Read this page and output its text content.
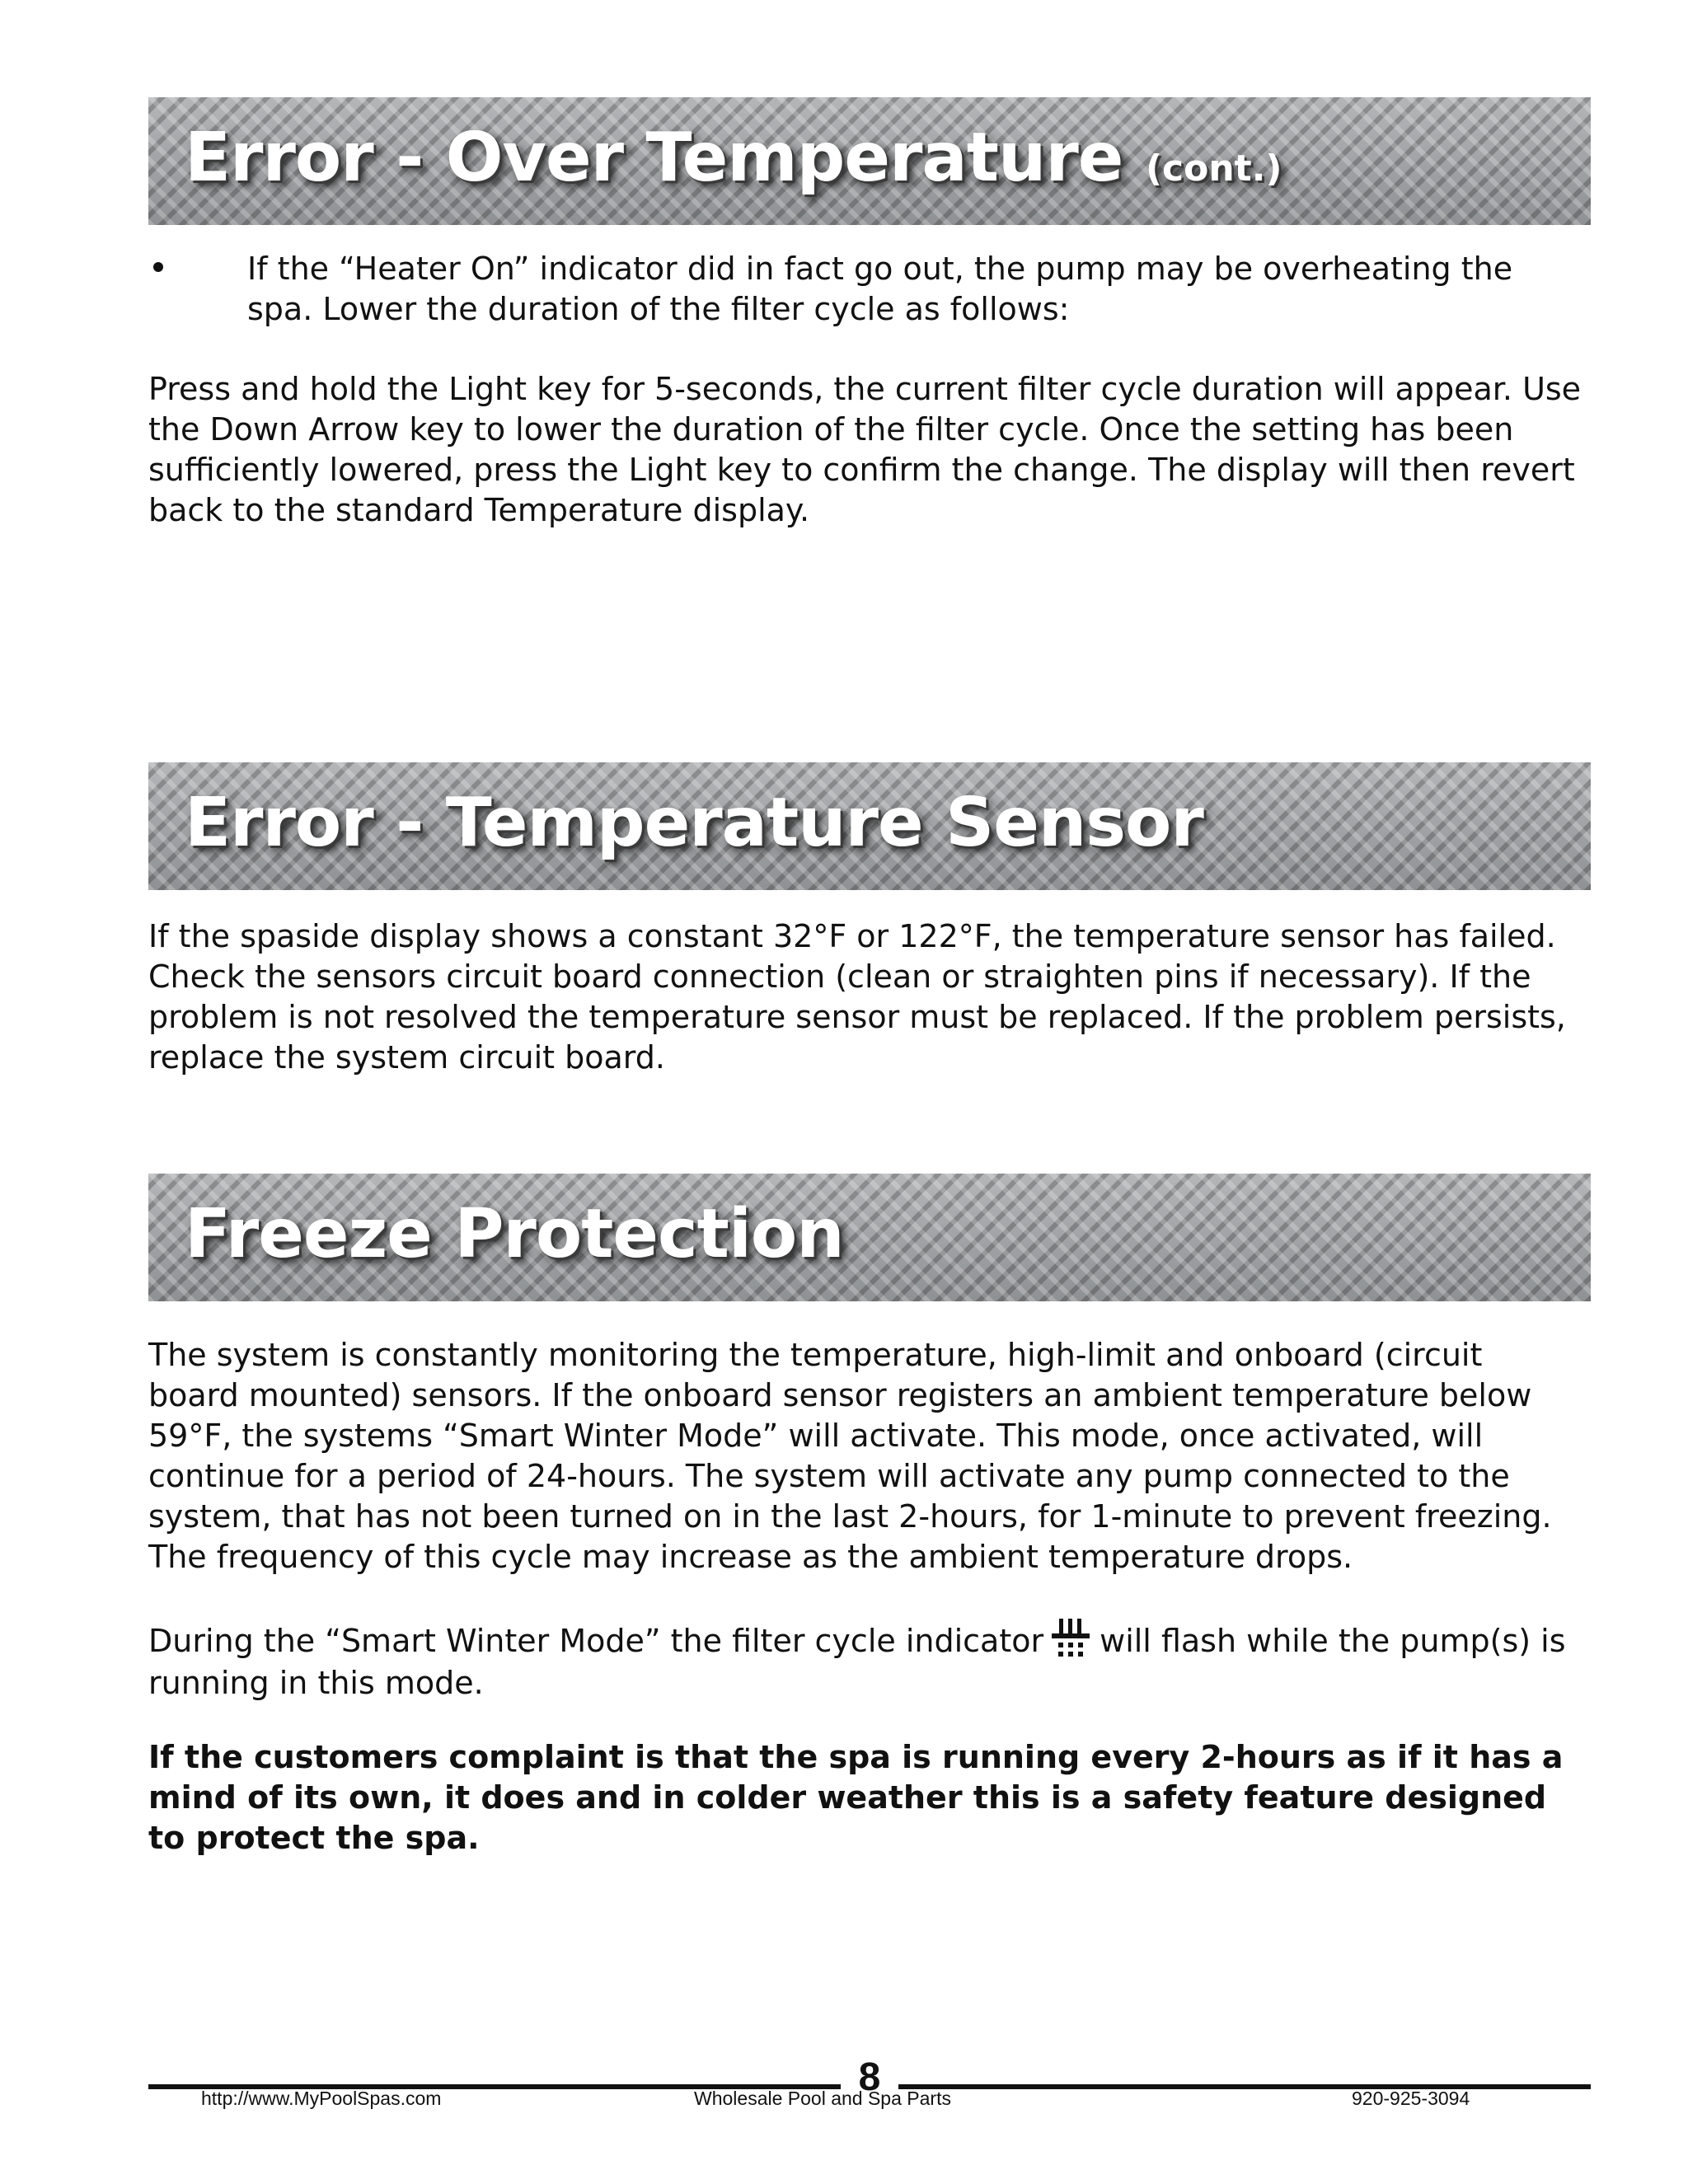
Error - Over Temperature (cont.)

If the “Heater On” indicator did in fact go out, the pump may be overheating the spa. Lower the duration of the filter cycle as follows:

Press and hold the Light key for 5-seconds, the current filter cycle duration will appear. Use the Down Arrow key to lower the duration of the filter cycle. Once the setting has been sufficiently lowered, press the Light key to confirm the change. The display will then revert back to the standard Temperature display.

Error - Temperature Sensor

If the spaside display shows a constant 32°F or 122°F, the temperature sensor has failed. Check the sensors circuit board connection (clean or straighten pins if necessary). If the problem is not resolved the temperature sensor must be replaced. If the problem persists, replace the system circuit board.

Freeze Protection

The system is constantly monitoring the temperature, high-limit and onboard (circuit board mounted) sensors. If the onboard sensor registers an ambient temperature below 59°F, the systems “Smart Winter Mode” will activate. This mode, once activated, will continue for a period of 24-hours. The system will activate any pump connected to the system, that has not been turned on in the last 2-hours, for 1-minute to prevent freezing. The frequency of this cycle may increase as the ambient temperature drops.

During the “Smart Winter Mode” the filter cycle indicator will flash while the pump(s) is running in this mode.

If the customers complaint is that the spa is running every 2-hours as if it has a mind of its own, it does and in colder weather this is a safety feature designed to protect the spa.

8
http://www.MyPoolSpas.com	Wholesale Pool and Spa Parts	920-925-3094
